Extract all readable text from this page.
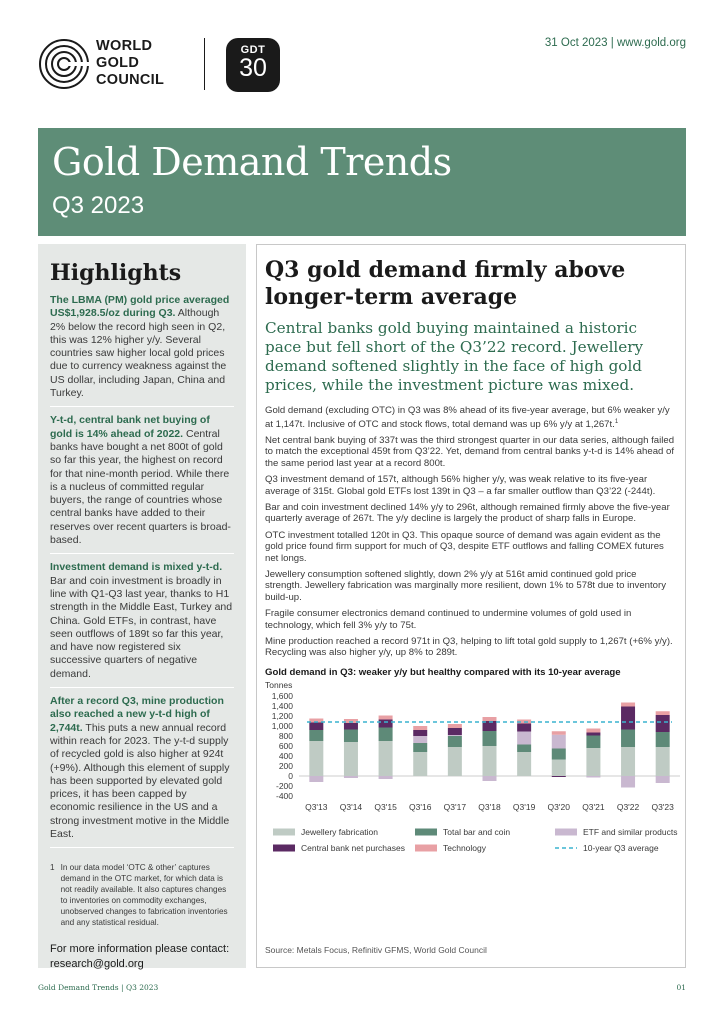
WORLD
GOLD
COUNCIL
GDT
30
31 Oct 2023 | www.gold.org
Gold Demand Trends
Q3 2023
Highlights
The LBMA (PM) gold price averaged US$1,928.5/oz during Q3. Although 2% below the record high seen in Q2, this was 12% higher y/y. Several countries saw higher local gold prices due to currency weakness against the US dollar, including Japan, China and Turkey.
Y-t-d, central bank net buying of gold is 14% ahead of 2022. Central banks have bought a net 800t of gold so far this year, the highest on record for that nine-month period. While there is a nucleus of committed regular buyers, the range of countries whose central banks have added to their reserves over recent quarters is broad-based.
Investment demand is mixed y-t-d. Bar and coin investment is broadly in line with Q1-Q3 last year, thanks to H1 strength in the Middle East, Turkey and China. Gold ETFs, in contrast, have seen outflows of 189t so far this year, and have now registered six successive quarters of negative demand.
After a record Q3, mine production also reached a new y-t-d high of 2,744t. This puts a new annual record within reach for 2023. The y-t-d supply of recycled gold is also higher at 924t (+9%). Although this element of supply has been supported by elevated gold prices, it has been capped by economic resilience in the US and a strong investment motive in the Middle East.
1 In our data model ‘OTC & other’ captures demand in the OTC market, for which data is not readily available. It also captures changes to inventories on commodity exchanges, unobserved changes to fabrication inventories and any statistical residual.
For more information please contact:
research@gold.org
Q3 gold demand firmly above longer-term average
Central banks gold buying maintained a historic pace but fell short of the Q3’22 record. Jewellery demand softened slightly in the face of high gold prices, while the investment picture was mixed.

Gold demand (excluding OTC) in Q3 was 8% ahead of its five-year average, but 6% weaker y/y at 1,147t. Inclusive of OTC and stock flows, total demand was up 6% y/y at 1,267t.$^1$

Net central bank buying of 337t was the third strongest quarter in our data series, although failed to match the exceptional 459t from Q3’22. Yet, demand from central banks y-t-d is 14% ahead of the same period last year at a record 800t.

Q3 investment demand of 157t, although 56% higher y/y, was weak relative to its five-year average of 315t. Global gold ETFs lost 139t in Q3 – a far smaller outflow than Q3’22 (-244t).

Bar and coin investment declined 14% y/y to 296t, although remained firmly above the five-year quarterly average of 267t. The y/y decline is largely the product of sharp falls in Europe.

OTC investment totalled 120t in Q3. This opaque source of demand was again evident as the gold price found firm support for much of Q3, despite ETF outflows and falling COMEX futures net longs.

Jewellery consumption softened slightly, down 2% y/y at 516t amid continued gold price strength. Jewellery fabrication was marginally more resilient, down 1% to 578t due to inventory build-up.

Fragile consumer electronics demand continued to undermine volumes of gold used in technology, which fell 3% y/y to 75t.

Mine production reached a record 971t in Q3, helping to lift total gold supply to 1,267t (+6% y/y). Recycling was also higher y/y, up 8% to 289t.

Gold demand in Q3: weaker y/y but healthy compared with its 10-year average
Tonnes
-400
-200
0
200
400
600
800
1,000
1,200
1,400
1,600
Q3'13 Q3'14 Q3'15 Q3'16 Q3'17 Q3'18 Q3'19 Q3'20 Q3'21 Q3'22 Q3'23
Jewellery fabrication	Total bar and coin	ETF and similar products
Central bank net purchases	Technology	10-year Q3 average
Source: Metals Focus, Refinitiv GFMS, World Gold Council
Gold Demand Trends | Q3 2023	01
